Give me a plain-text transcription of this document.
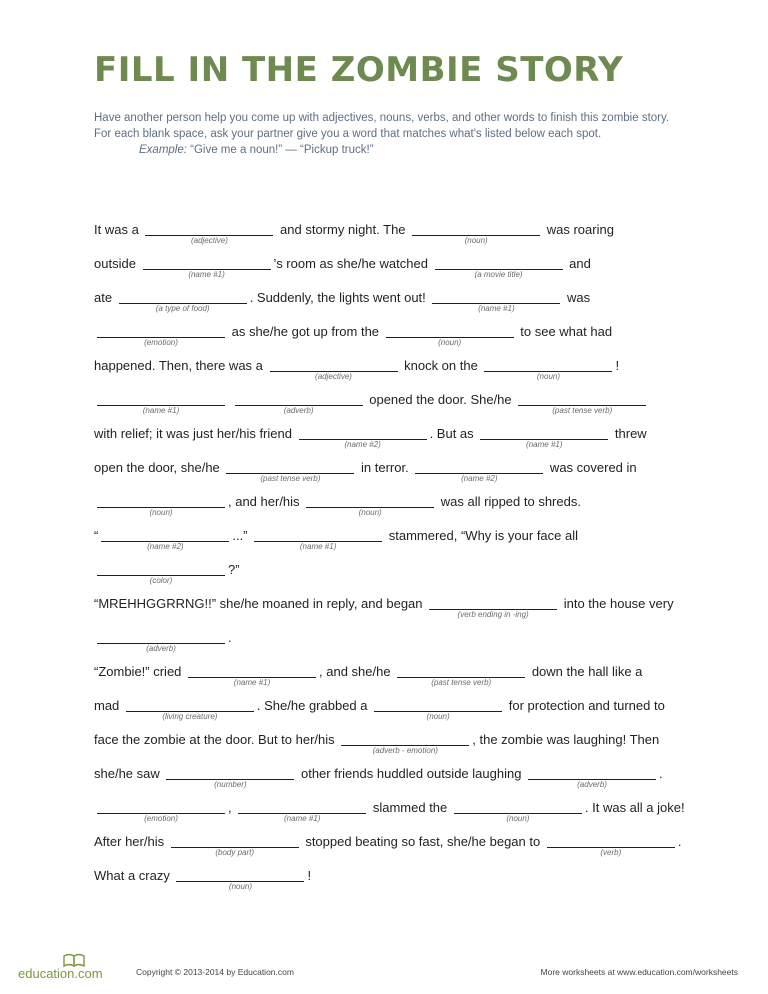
FILL IN THE ZOMBIE STORY

Have another person help you come up with adjectives, nouns, verbs, and other words to finish this zombie story.

For each blank space, ask your partner give you a word that matches what's listed below each spot.

Example: “Give me a noun!” — “Pickup truck!”

It was a
(adjective)
and stormy night. The
(noun)
was roaring
outside
(name #1)
’s room as she/he watched
(a movie title)
and
ate
(a type of food)
. Suddenly, the lights went out!
(name #1)
was
(emotion)
as she/he got up from the
(noun)
to see what had
happened. Then, there was a
(adjective)
knock on the
(noun)
!
(name #1)
	(adverb)
opened the door. She/he
(past tense verb)
with relief; it was just her/his friend
(name #2)
. But as
(name #1)
threw
open the door, she/he
(past tense verb)
in terror.
(name #2)
was covered in
(noun)
, and her/his
(noun)
was all ripped to shreds.
“
(name #2)
...”
(name #1)
stammered, “Why is your face all
(color)
?”
“MREHHGGRRNG!!” she/he moaned in reply, and began
(verb ending in -ing)
into the house very
(adverb)
.
“Zombie!” cried
(name #1)
, and she/he
(past tense verb)
down the hall like a
mad
(living creature)
. She/he grabbed a
(noun)
for protection and turned to
face the zombie at the door. But to her/his
(adverb - emotion)
, the zombie was laughing! Then
she/he saw
(number)
other friends huddled outside laughing
(adverb)
.
(emotion)
,
(name #1)
slammed the
(noun)
. It was all a joke!
After her/his
(body part)
stopped beating so fast, she/he began to
(verb)
.
What a crazy
(noun)
!
education.com	Copyright © 2013-2014 by Education.com	More worksheets at www.education.com/worksheets
